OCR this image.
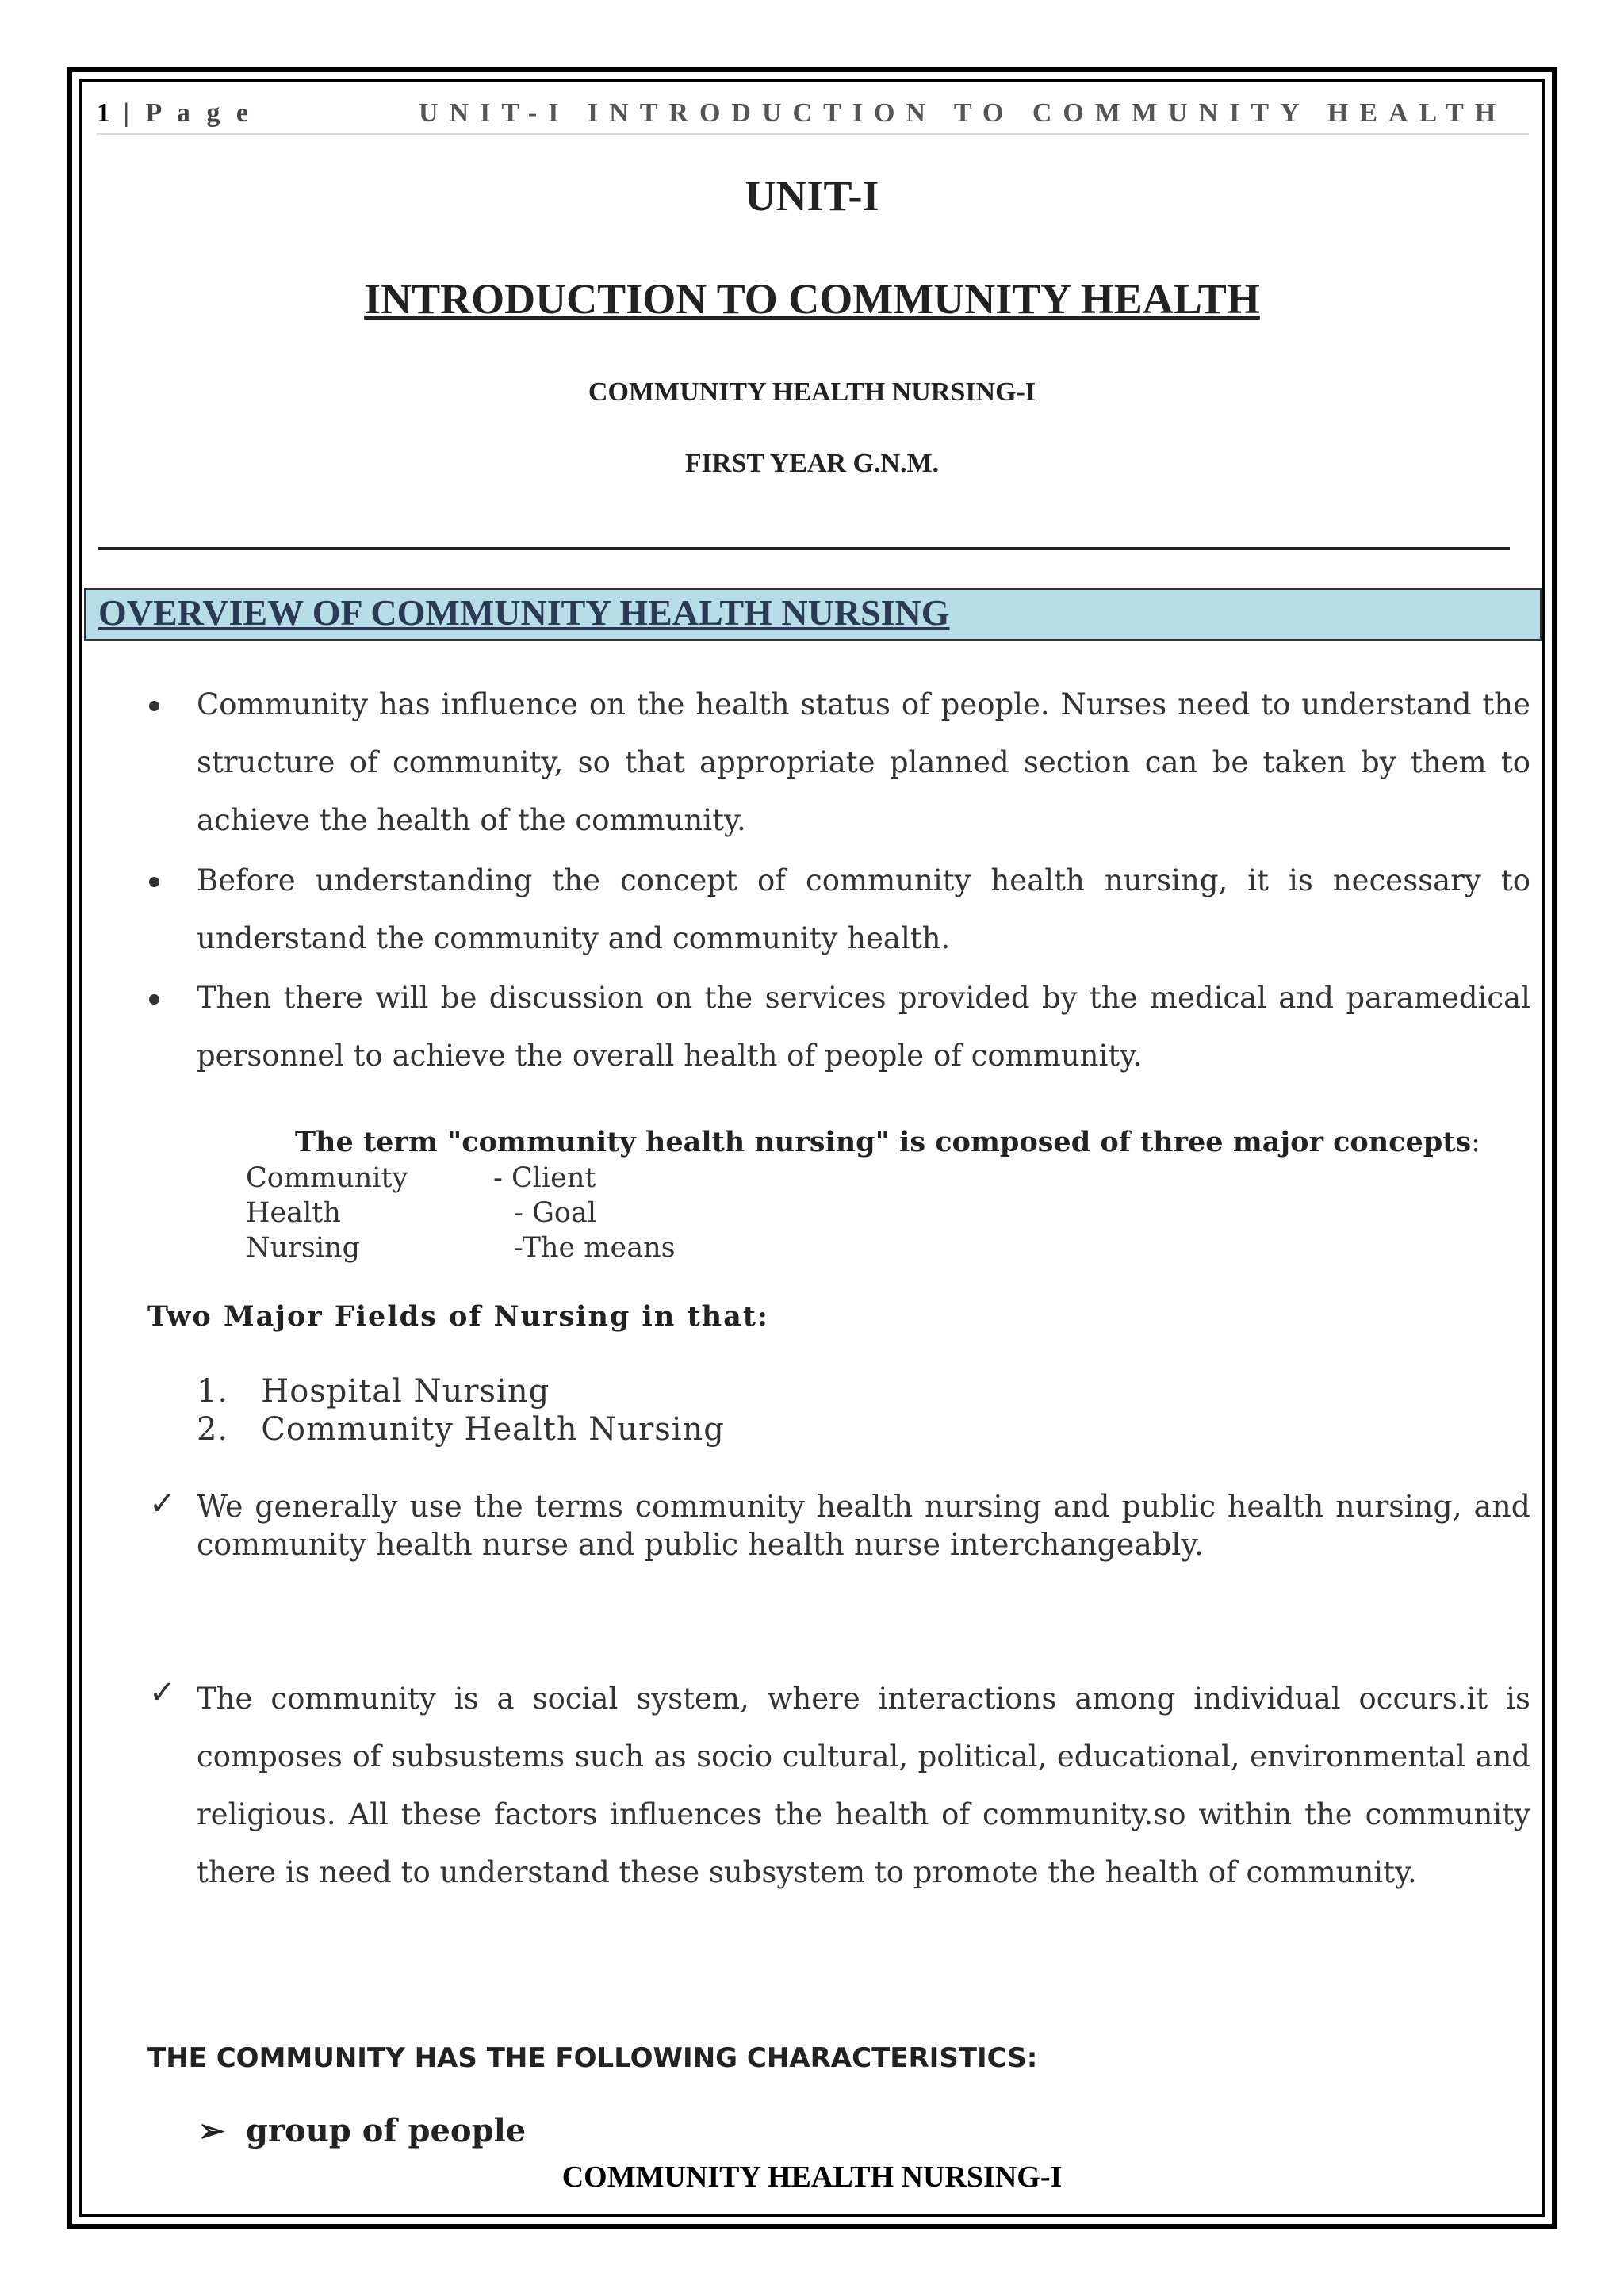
1 | P a g e	UNIT-I INTRODUCTION TO COMMUNITY HEALTH
UNIT-I
INTRODUCTION TO COMMUNITY HEALTH
COMMUNITY HEALTH NURSING-I
FIRST YEAR G.N.M.
OVERVIEW OF COMMUNITY HEALTH NURSING
Community has influence on the health status of people. Nurses need to understand the structure of community, so that appropriate planned section can be taken by them to achieve the health of the community.
Before understanding the concept of community health nursing, it is necessary to understand the community and community health.
Then there will be discussion on the services provided by the medical and paramedical personnel to achieve the overall health of people of community.
The term "community health nursing" is composed of three major concepts:
Community	- Client
Health	- Goal
Nursing	-The means
Two Major Fields of Nursing in that:
1.   Hospital Nursing
2.   Community Health Nursing
✓ We generally use the terms community health nursing and public health nursing, and community health nurse and public health nurse interchangeably.
✓ The community is a social system, where interactions among individual occurs.it is composes of subsustems such as socio cultural, political, educational, environmental and religious. All these factors influences the health of community.so within the community there is need to understand these subsystem to promote the health of community.
THE COMMUNITY HAS THE FOLLOWING CHARACTERISTICS:
➢ group of people
COMMUNITY HEALTH NURSING-I
